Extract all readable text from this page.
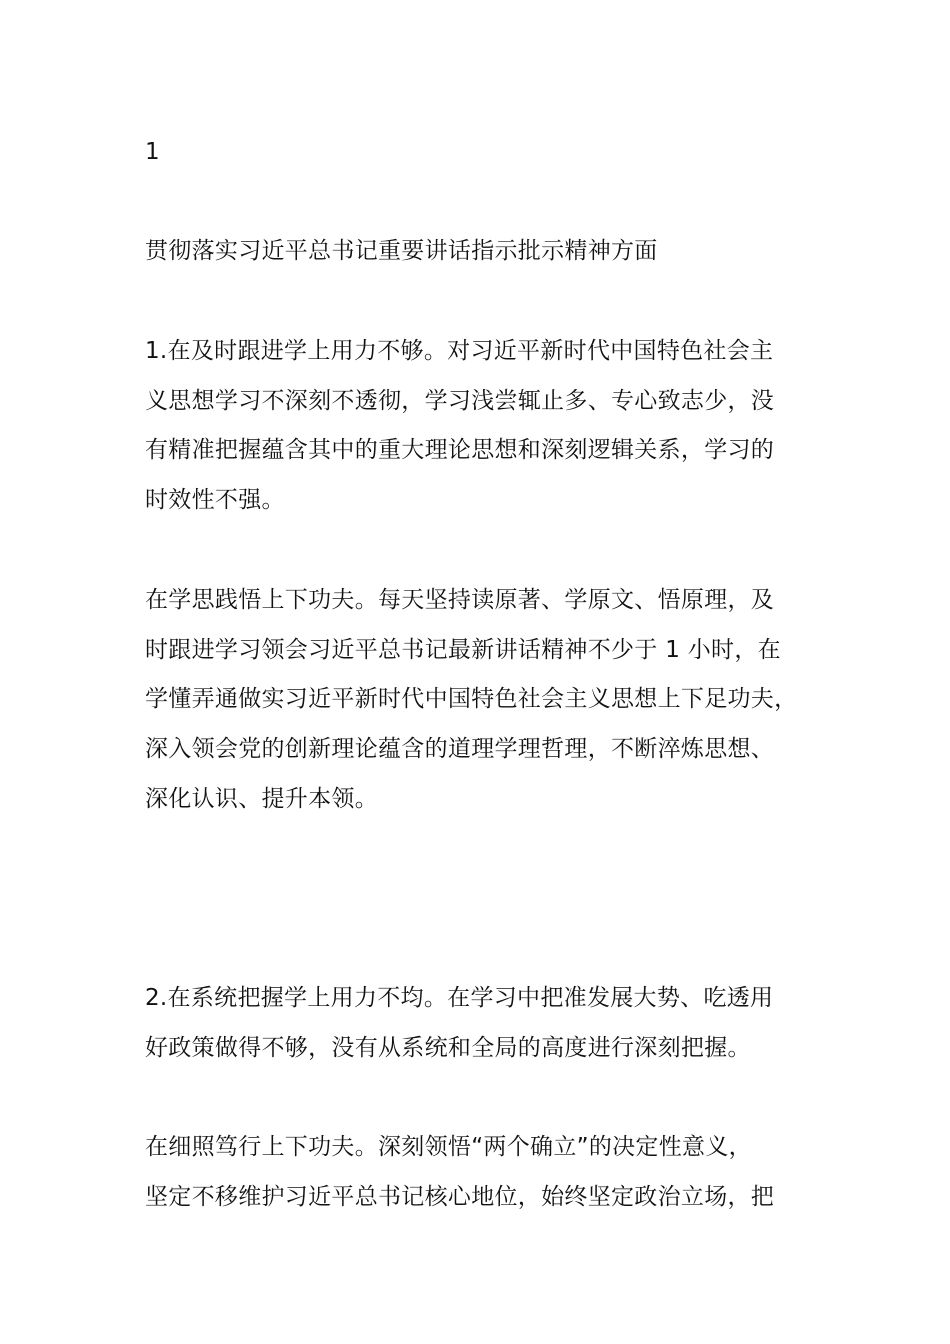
1
贯彻落实习近平总书记重要讲话指示批示精神方面
1.在及时跟进学上用力不够。对习近平新时代中国特色社会主
义思想学习不深刻不透彻，学习浅尝辄止多、专心致志少，没
有精准把握蕴含其中的重大理论思想和深刻逻辑关系，学习的
时效性不强。
在学思践悟上下功夫。每天坚持读原著、学原文、悟原理，及
时跟进学习领会习近平总书记最新讲话精神不少于 1 小时，在
学懂弄通做实习近平新时代中国特色社会主义思想上下足功夫，
深入领会党的创新理论蕴含的道理学理哲理，不断淬炼思想、
深化认识、提升本领。
2.在系统把握学上用力不均。在学习中把准发展大势、吃透用
好政策做得不够，没有从系统和全局的高度进行深刻把握。
在细照笃行上下功夫。深刻领悟“两个确立”的决定性意义，
坚定不移维护习近平总书记核心地位，始终坚定政治立场，把
